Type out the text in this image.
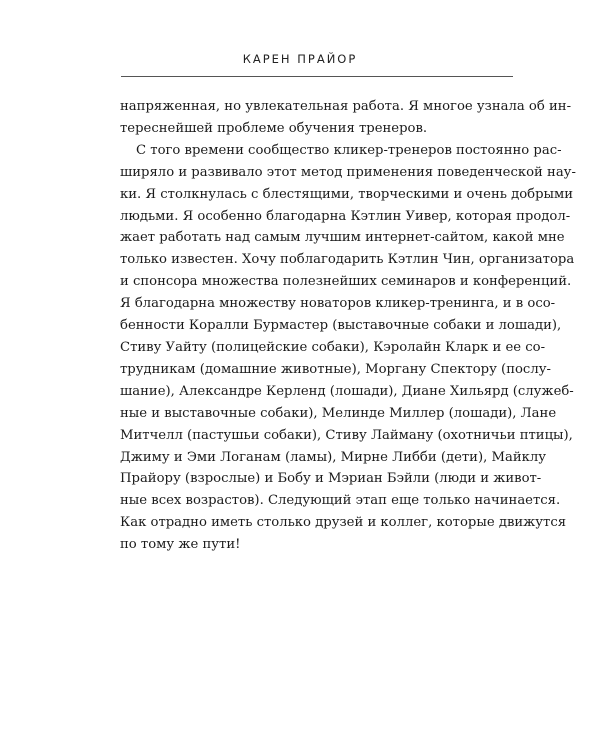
КАРЕН ПРАЙОР
напряженная, но увлекательная работа. Я многое узнала об ин-
тереснейшей проблеме обучения тренеров.
С того времени сообщество кликер-тренеров постоянно рас-
ширяло и развивало этот метод применения поведенческой нау-
ки. Я столкнулась с блестящими, творческими и очень добрыми
людьми. Я особенно благодарна Кэтлин Уивер, которая продол-
жает работать над самым лучшим интернет-сайтом, какой мне
только известен. Хочу поблагодарить Кэтлин Чин, организатора
и спонсора множества полезнейших семинаров и конференций.
Я благодарна множеству новаторов кликер-тренинга, и в осо-
бенности Коралли Бурмастер (выставочные собаки и лошади),
Стиву Уайту (полицейские собаки), Кэролайн Кларк и ее со-
трудникам (домашние животные), Моргану Спектору (послу-
шание), Александре Керленд (лошади), Диане Хильярд (служеб-
ные и выставочные собаки), Мелинде Миллер (лошади), Лане
Митчелл (пастушьи собаки), Стиву Лайману (охотничьи птицы),
Джиму и Эми Логанам (ламы), Мирне Либби (дети), Майклу
Прайору (взрослые) и Бобу и Мэриан Бэйли (люди и живот-
ные всех возрастов). Следующий этап еще только начинается.
Как отрадно иметь столько друзей и коллег, которые движутся
по тому же пути!
